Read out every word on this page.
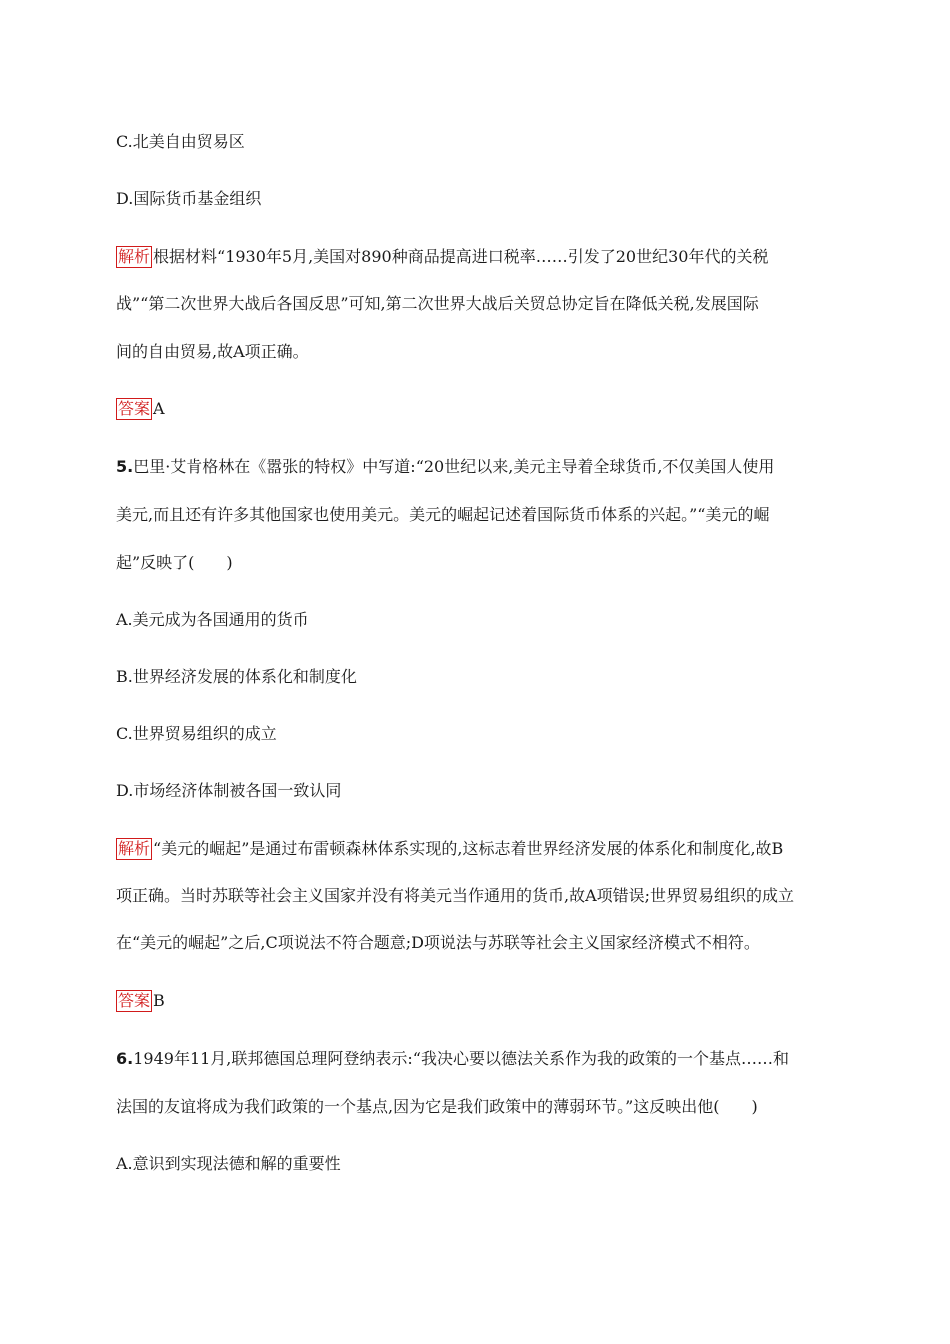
C.北美自由贸易区
D.国际货币基金组织
解析 根据材料“1930年5月,美国对890种商品提高进口税率……引发了20世纪30年代的关税
战”“第二次世界大战后各国反思”可知,第二次世界大战后关贸总协定旨在降低关税,发展国际
间的自由贸易,故A项正确。
答案 A
5.巴里·艾肯格林在《嚣张的特权》中写道:“20世纪以来,美元主导着全球货币,不仅美国人使用
美元,而且还有许多其他国家也使用美元。美元的崛起记述着国际货币体系的兴起。”“美元的崛
起”反映了(　　)
A.美元成为各国通用的货币
B.世界经济发展的体系化和制度化
C.世界贸易组织的成立
D.市场经济体制被各国一致认同
解析 “美元的崛起”是通过布雷顿森林体系实现的,这标志着世界经济发展的体系化和制度化,故B
项正确。当时苏联等社会主义国家并没有将美元当作通用的货币,故A项错误;世界贸易组织的成立
在“美元的崛起”之后,C项说法不符合题意;D项说法与苏联等社会主义国家经济模式不相符。
答案 B
6.1949年11月,联邦德国总理阿登纳表示:“我决心要以德法关系作为我的政策的一个基点……和
法国的友谊将成为我们政策的一个基点,因为它是我们政策中的薄弱环节。”这反映出他(　　)
A.意识到实现法德和解的重要性
